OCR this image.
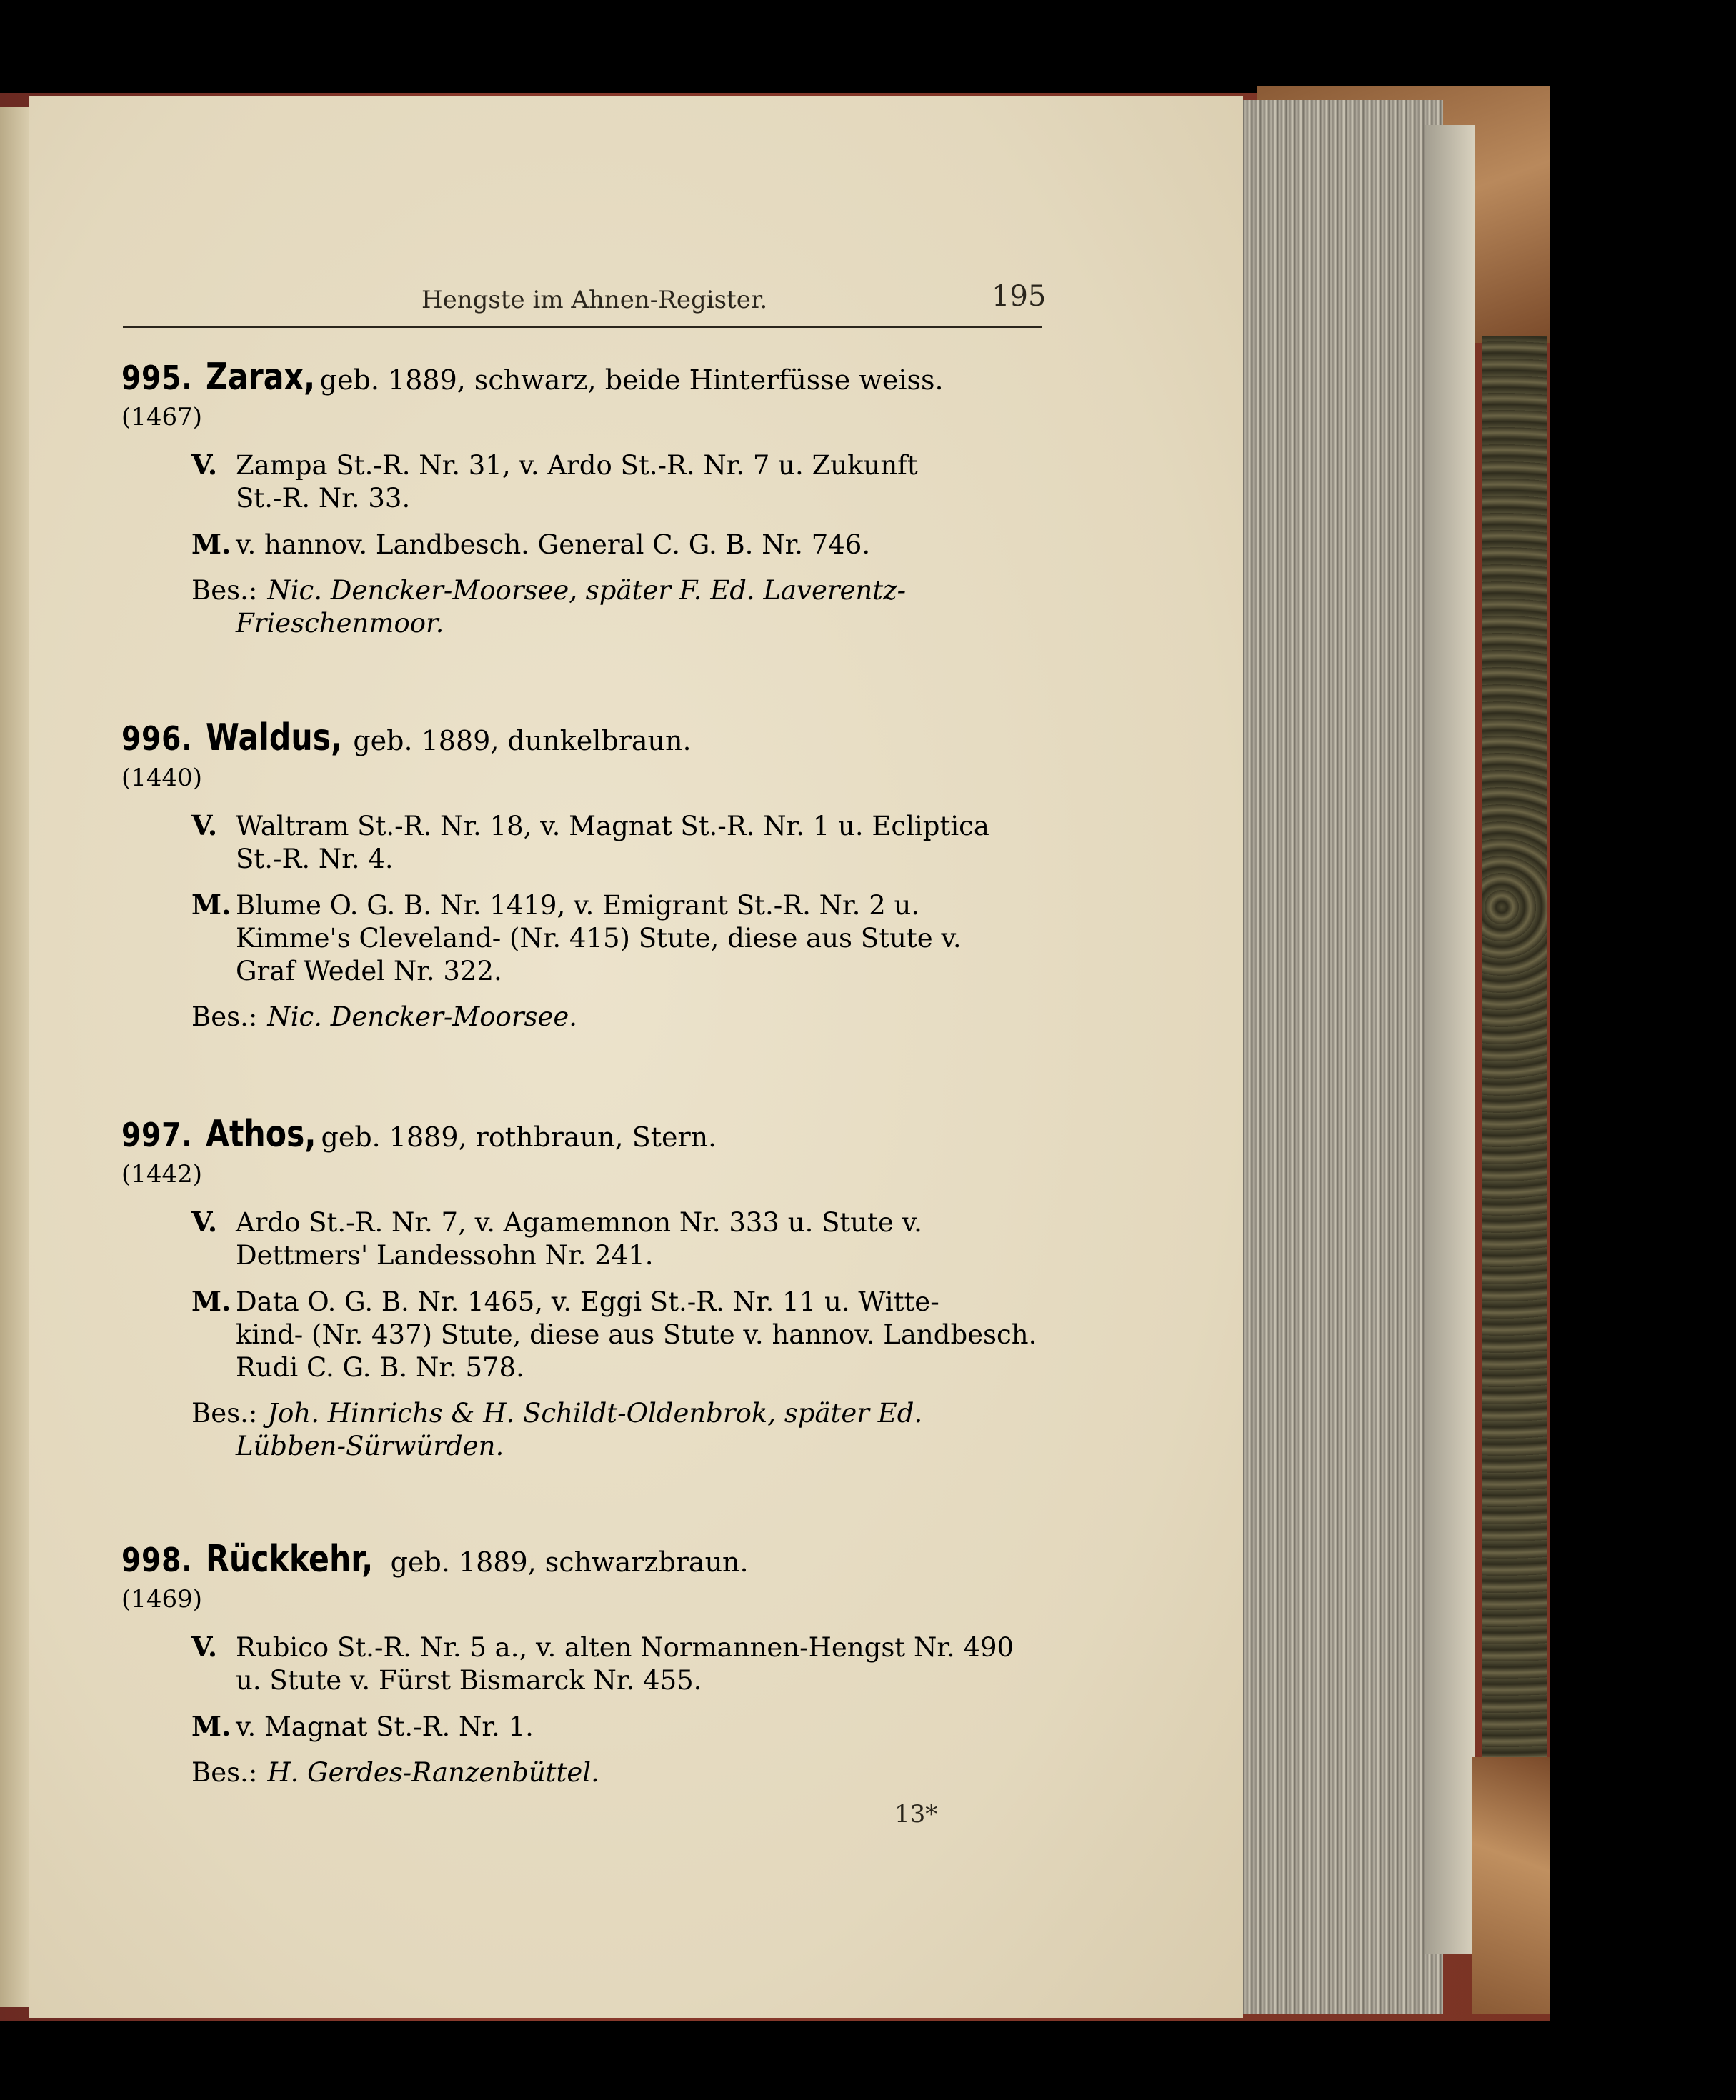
Hengste im Ahnen-Register.	195
995. Zarax, geb. 1889, schwarz, beide Hinterfüsse weiss.
(1467)
V. Zampa St.-R. Nr. 31, v. Ardo St.-R. Nr. 7 u. Zukunft
St.-R. Nr. 33.
M. v. hannov. Landbesch. General C. G. B. Nr. 746.
Bes.: Nic. Dencker-Moorsee, später F. Ed. Laverentz-
Frieschenmoor.
996. Waldus, geb. 1889, dunkelbraun.
(1440)
V. Waltram St.-R. Nr. 18, v. Magnat St.-R. Nr. 1 u. Ecliptica
St.-R. Nr. 4.
M. Blume O. G. B. Nr. 1419, v. Emigrant St.-R. Nr. 2 u.
Kimme's Cleveland- (Nr. 415) Stute, diese aus Stute v.
Graf Wedel Nr. 322.
Bes.: Nic. Dencker-Moorsee.
997. Athos, geb. 1889, rothbraun, Stern.
(1442)
V. Ardo St.-R. Nr. 7, v. Agamemnon Nr. 333 u. Stute v.
Dettmers' Landessohn Nr. 241.
M. Data O. G. B. Nr. 1465, v. Eggi St.-R. Nr. 11 u. Witte-
kind- (Nr. 437) Stute, diese aus Stute v. hannov. Landbesch.
Rudi C. G. B. Nr. 578.
Bes.: Joh. Hinrichs & H. Schildt-Oldenbrok, später Ed.
Lübben-Sürwürden.
998. Rückkehr, geb. 1889, schwarzbraun.
(1469)
V. Rubico St.-R. Nr. 5 a., v. alten Normannen-Hengst Nr. 490
u. Stute v. Fürst Bismarck Nr. 455.
M. v. Magnat St.-R. Nr. 1.
Bes.: H. Gerdes-Ranzenbüttel.
13*
